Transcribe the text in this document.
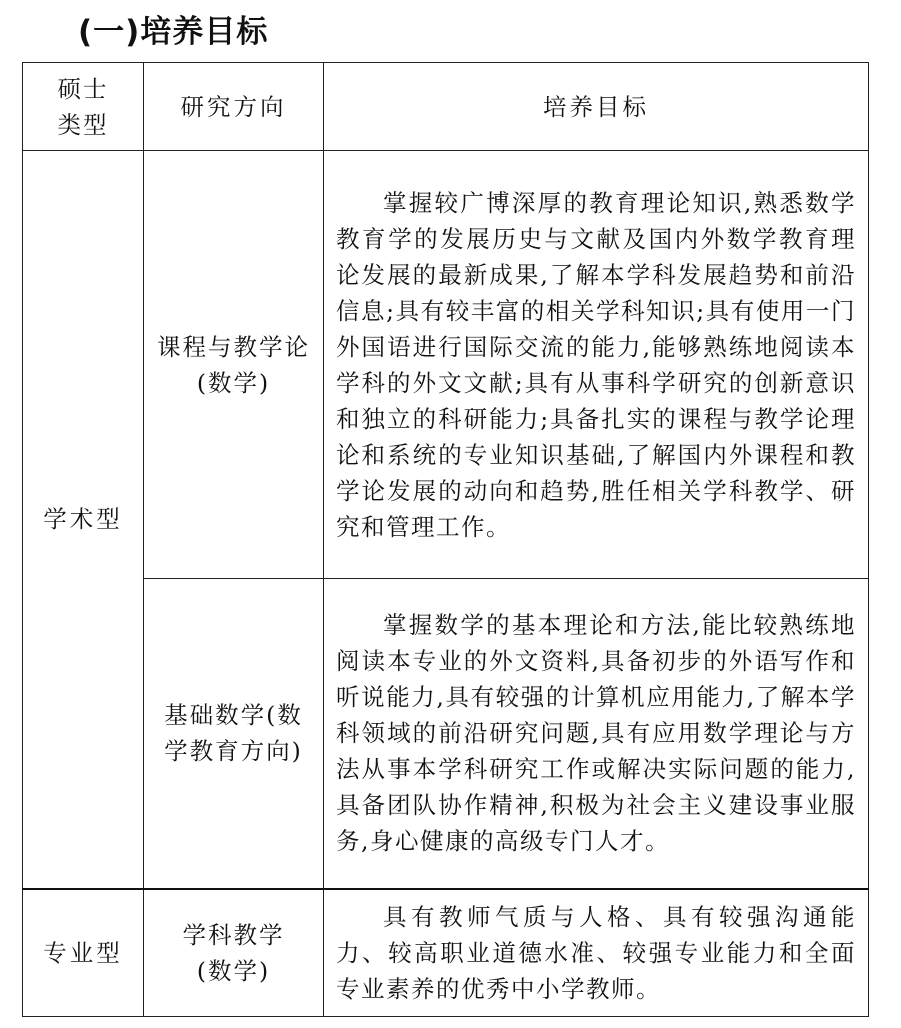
(一)培养目标
硕士类型	研究方向	培养目标
学术型	课程与教学论(数学)	掌握较广博深厚的教育理论知识,熟悉数学教育学的发展历史与文献及国内外数学教育理论发展的最新成果,了解本学科发展趋势和前沿信息;具有较丰富的相关学科知识;具有使用一门外国语进行国际交流的能力,能够熟练地阅读本学科的外文文献;具有从事科学研究的创新意识和独立的科研能力;具备扎实的课程与教学论理论和系统的专业知识基础,了解国内外课程和教学论发展的动向和趋势,胜任相关学科教学、研究和管理工作。
	基础数学(数学教育方向)	掌握数学的基本理论和方法,能比较熟练地阅读本专业的外文资料,具备初步的外语写作和听说能力,具有较强的计算机应用能力,了解本学科领域的前沿研究问题,具有应用数学理论与方法从事本学科研究工作或解决实际问题的能力,具备团队协作精神,积极为社会主义建设事业服务,身心健康的高级专门人才。
专业型	学科教学(数学)	具有教师气质与人格、具有较强沟通能力、较高职业道德水准、较强专业能力和全面专业素养的优秀中小学教师。
